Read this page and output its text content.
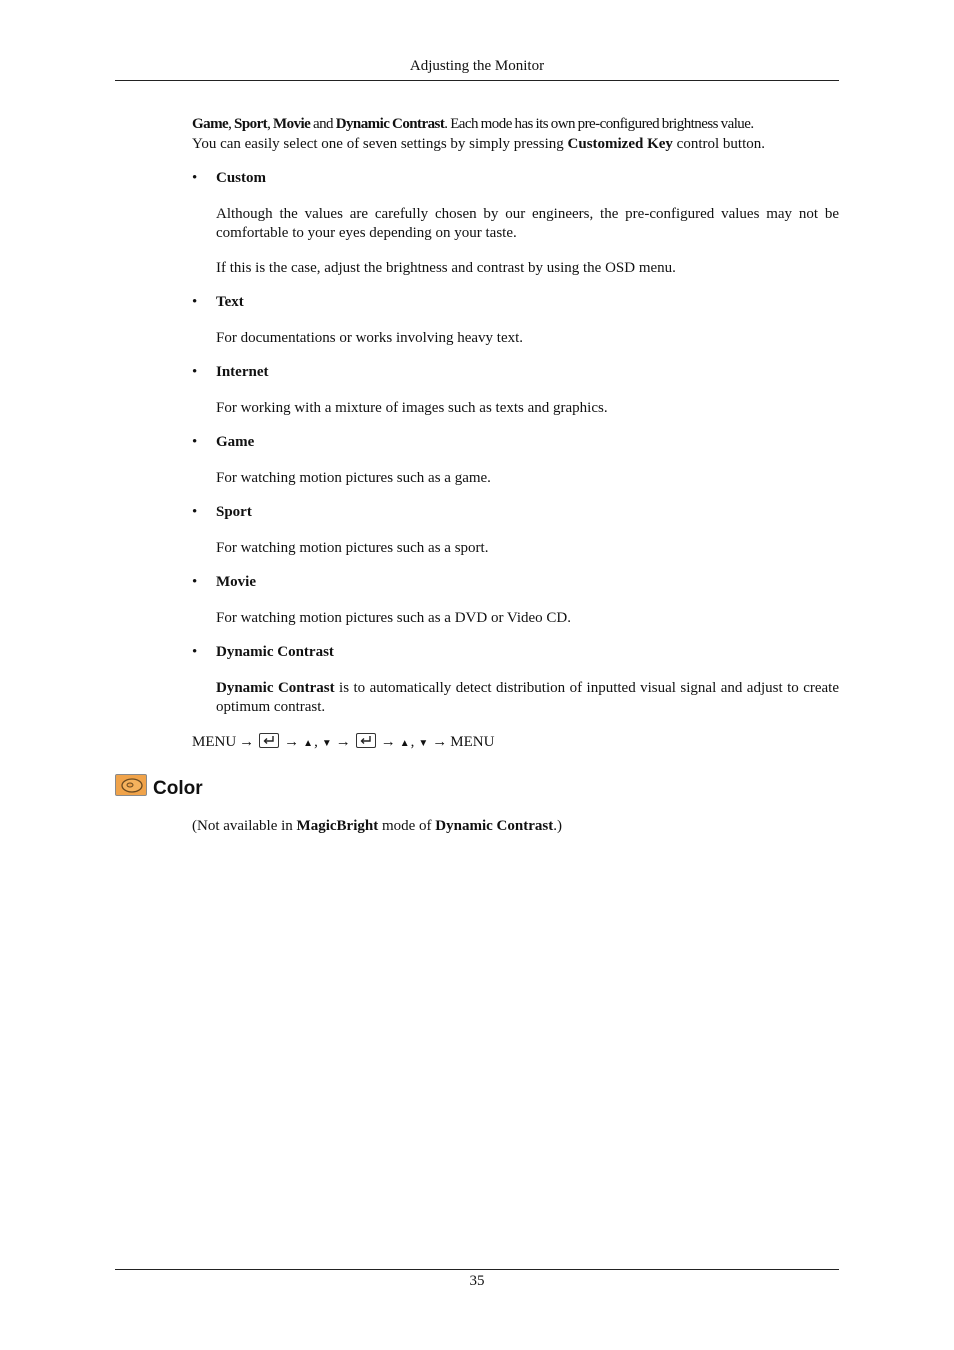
Adjusting the Monitor

Game, Sport, Movie and Dynamic Contrast. Each mode has its own pre-configured brightness value.
You can easily select one of seven settings by simply pressing Customized Key control button.

• Custom

Although the values are carefully chosen by our engineers, the pre-configured values may not be comfortable to your eyes depending on your taste.

If this is the case, adjust the brightness and contrast by using the OSD menu.

• Text

For documentations or works involving heavy text.

• Internet

For working with a mixture of images such as texts and graphics.

• Game

For watching motion pictures such as a game.

• Sport

For watching motion pictures such as a sport.

• Movie

For watching motion pictures such as a DVD or Video CD.

• Dynamic Contrast

Dynamic Contrast is to automatically detect distribution of inputted visual signal and adjust to create optimum contrast.

MENU → → ▲ , ▼ → → ▲ , ▼ → MENU
Color
(Not available in MagicBright mode of Dynamic Contrast.)
35
